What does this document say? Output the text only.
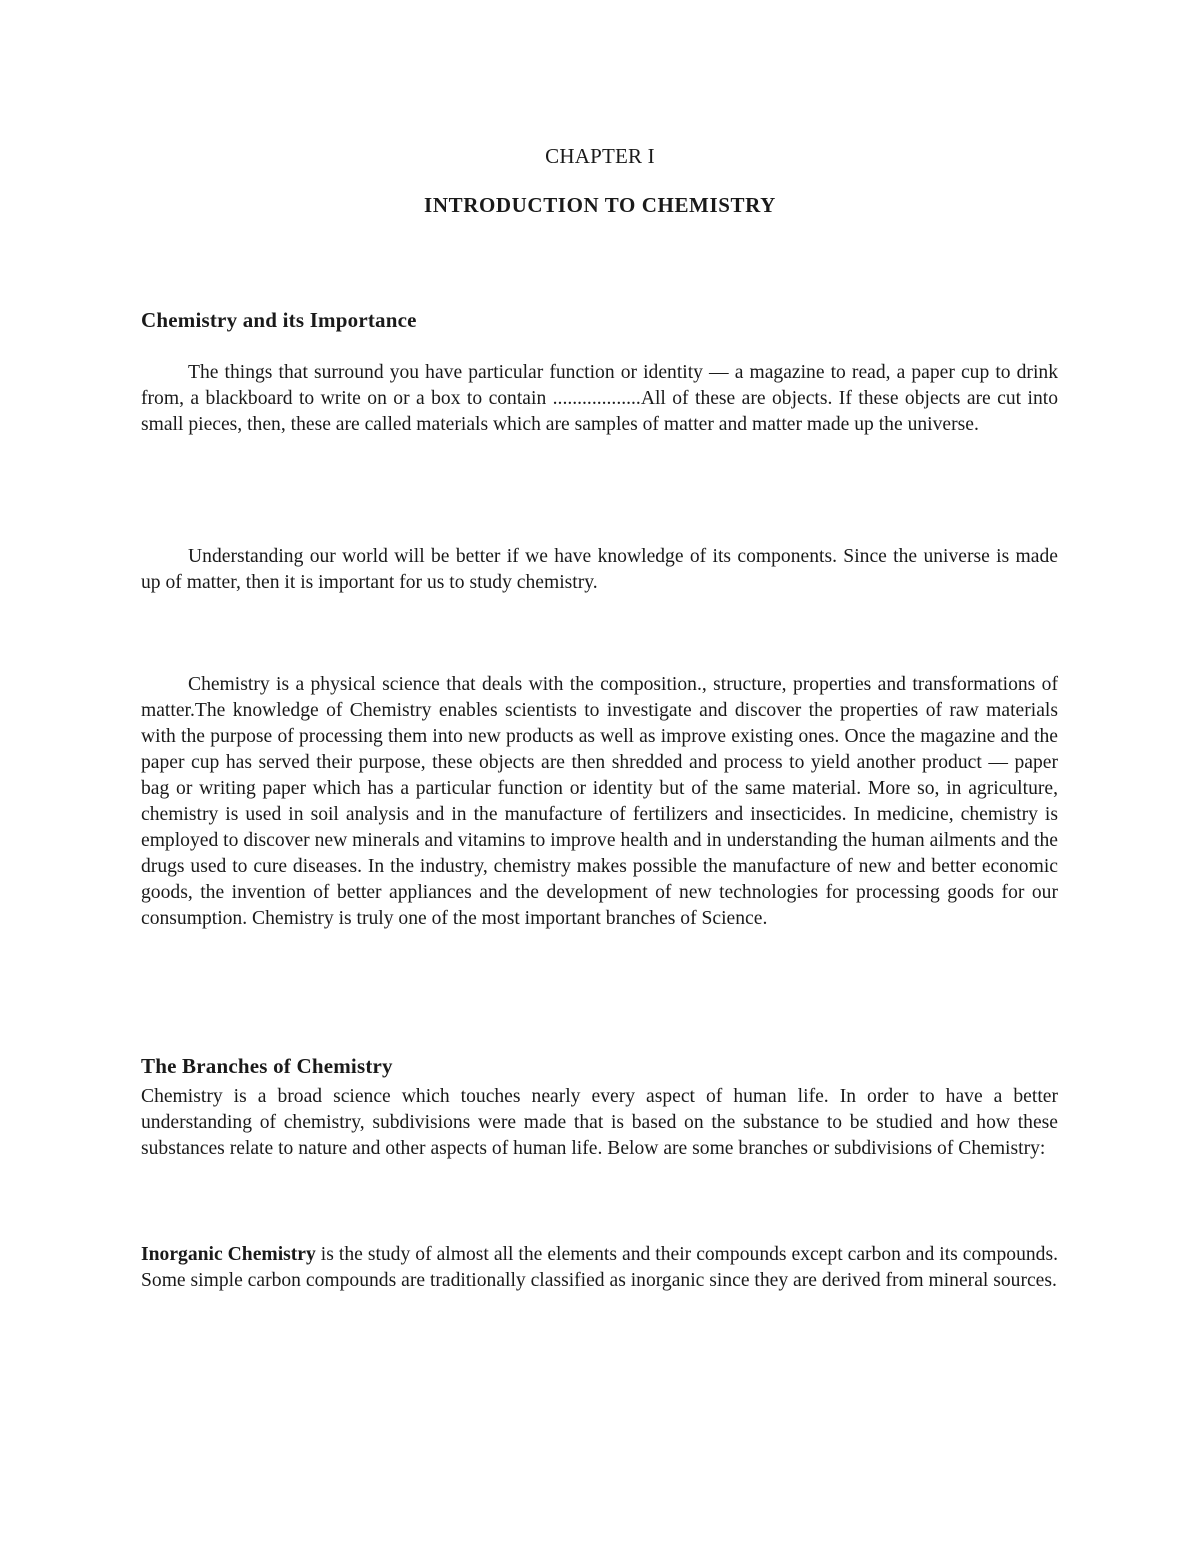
CHAPTER I
INTRODUCTION TO CHEMISTRY
Chemistry and its Importance

The things that surround you have particular function or identity — a magazine to read, a paper cup to drink from, a blackboard to write on or a box to contain ..................All of these are objects. If these objects are cut into small pieces, then, these are called materials which are samples of matter and matter made up the universe.

Understanding our world will be better if we have knowledge of its components. Since the universe is made up of matter, then it is important for us to study chemistry.

Chemistry is a physical science that deals with the composition., structure, properties and transformations of matter.The knowledge of Chemistry enables scientists to investigate and discover the properties of raw materials with the purpose of processing them into new products as well as improve existing ones. Once the magazine and the paper cup has served their purpose, these objects are then shredded and process to yield another product — paper bag or writing paper which has a particular function or identity but of the same material. More so, in agriculture, chemistry is used in soil analysis and in the manufacture of fertilizers and insecticides. In medicine, chemistry is employed to discover new minerals and vitamins to improve health and in understanding the human ailments and the drugs used to cure diseases. In the industry, chemistry makes possible the manufacture of new and better economic goods, the invention of better appliances and the development of new technologies for processing goods for our consumption. Chemistry is truly one of the most important branches of Science.

The Branches of Chemistry

Chemistry is a broad science which touches nearly every aspect of human life. In order to have a better understanding of chemistry, subdivisions were made that is based on the substance to be studied and how these substances relate to nature and other aspects of human life. Below are some branches or subdivisions of Chemistry:

Inorganic Chemistry is the study of almost all the elements and their compounds except carbon and its compounds. Some simple carbon compounds are traditionally classified as inorganic since they are derived from mineral sources.
